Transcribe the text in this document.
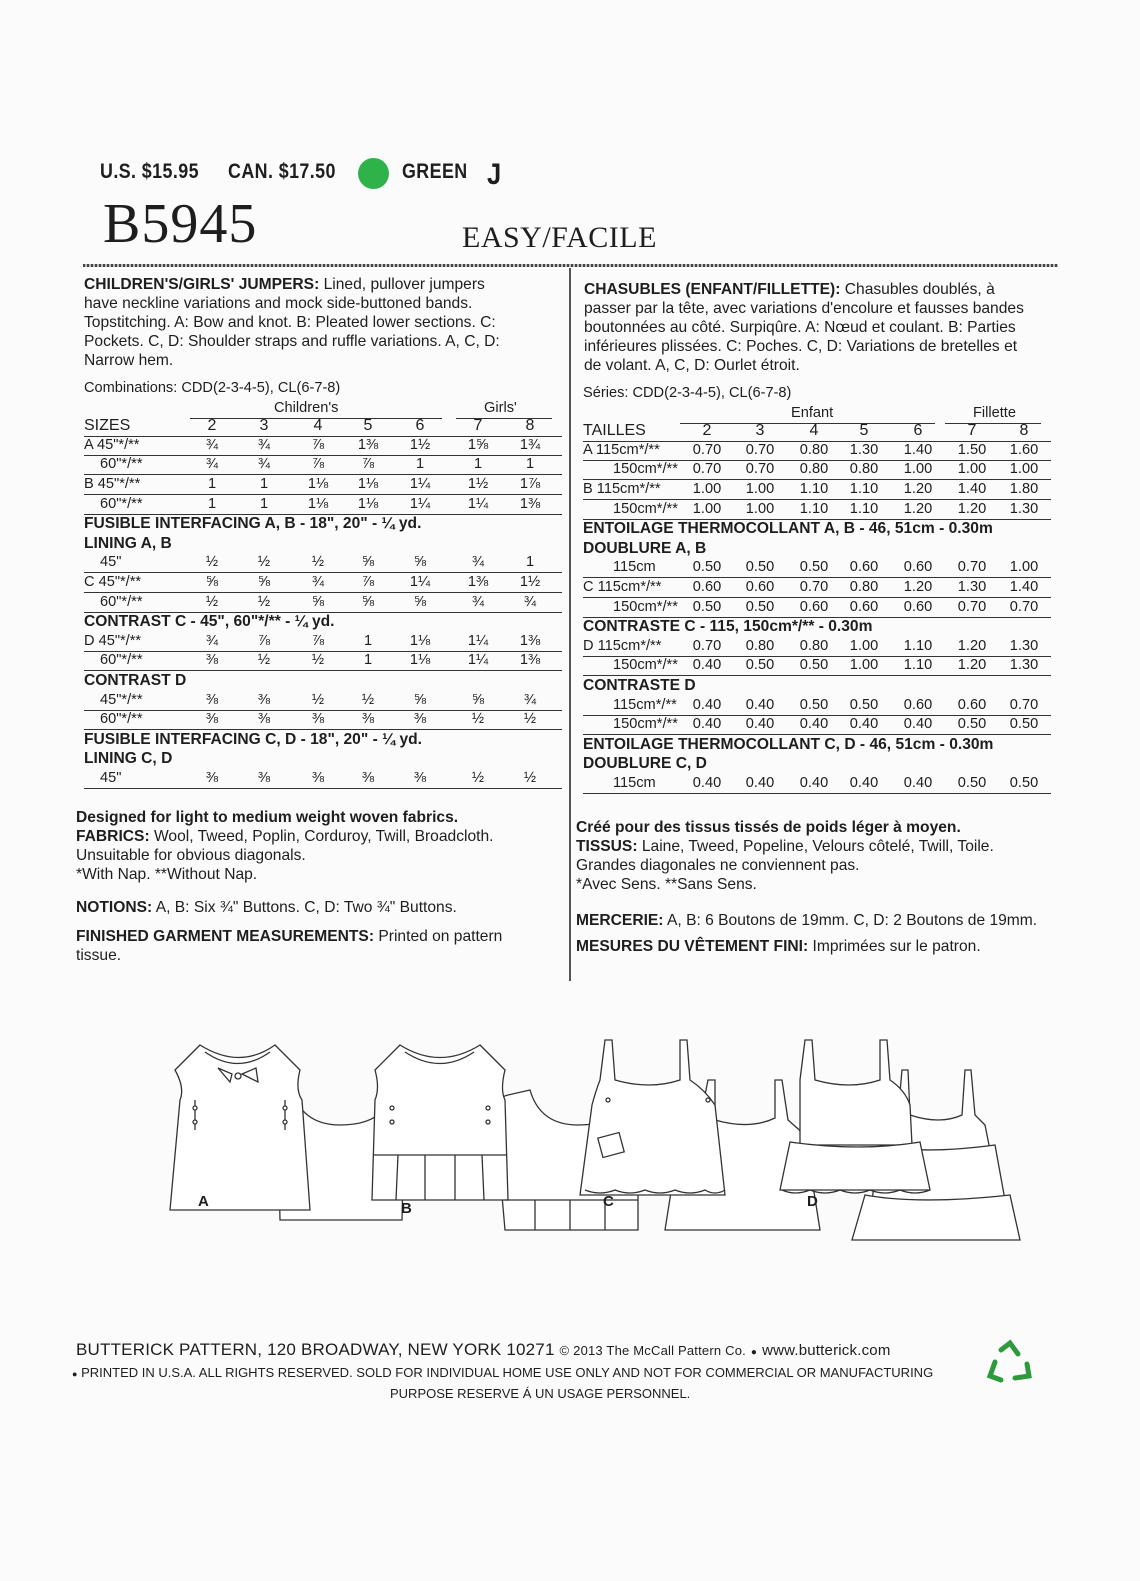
U.S. $15.95 CAN. $17.50	GREEN J
B5945	EASY/FACILE
CHILDREN'S/GIRLS' JUMPERS: Lined, pullover jumpers
have neckline variations and mock side-buttoned bands.
Topstitching. A: Bow and knot. B: Pleated lower sections. C:
Pockets. C, D: Shoulder straps and ruffle variations. A, C, D:
Narrow hem.
CHASUBLES (ENFANT/FILLETTE): Chasubles doublés, à
passer par la tête, avec variations d'encolure et fausses bandes
boutonnées au côté. Surpiqûre. A: Nœud et coulant. B: Parties
inférieures plissées. C: Poches. C, D: Variations de bretelles et
de volant. A, C, D: Ourlet étroit.
Combinations: CDD(2-3-4-5), CL(6-7-8)
Children's	Girls'
SIZES	2	3	4	5	6	7	8
A 45"*/**	¾	¾	⅞	1⅜	1½	1⅝	1¾
60"*/**	¾	¾	⅞	⅞	1	1	1
B 45"*/**	1	1	1⅛	1⅛	1¼	1½	1⅞
60"*/**	1	1	1⅛	1⅛	1¼	1¼	1⅜
FUSIBLE INTERFACING A, B - 18", 20" - ¼ yd.
LINING A, B
45"	½	½	½	⅝	⅝	¾	1
C 45"*/**	⅝	⅝	¾	⅞	1¼	1⅜	1½
60"*/**	½	½	⅝	⅝	⅝	¾	¾
CONTRAST C - 45", 60"*/** - ¼ yd.
D 45"*/**	¾	⅞	⅞	1	1⅛	1¼	1⅜
60"*/**	⅜	½	½	1	1⅛	1¼	1⅜
CONTRAST D
45"*/**	⅜	⅜	½	½	⅝	⅝	¾
60"*/**	⅜	⅜	⅜	⅜	⅜	½	½
FUSIBLE INTERFACING C, D - 18", 20" - ¼ yd.
LINING C, D
45"	⅜	⅜	⅜	⅜	⅜	½	½
Séries: CDD(2-3-4-5), CL(6-7-8)
Enfant	Fillette
TAILLES	2	3	4	5	6	7	8
A 115cm*/**	0.70	0.70	0.80	1.30	1.40	1.50	1.60
150cm*/**	0.70	0.70	0.80	0.80	1.00	1.00	1.00
B 115cm*/**	1.00	1.00	1.10	1.10	1.20	1.40	1.80
150cm*/**	1.00	1.00	1.10	1.10	1.20	1.20	1.30
ENTOILAGE THERMOCOLLANT A, B - 46, 51cm - 0.30m
DOUBLURE A, B
115cm	0.50	0.50	0.50	0.60	0.60	0.70	1.00
C 115cm*/**	0.60	0.60	0.70	0.80	1.20	1.30	1.40
150cm*/**	0.50	0.50	0.60	0.60	0.60	0.70	0.70
CONTRASTE C - 115, 150cm*/** - 0.30m
D 115cm*/**	0.70	0.80	0.80	1.00	1.10	1.20	1.30
150cm*/**	0.40	0.50	0.50	1.00	1.10	1.20	1.30
CONTRASTE D
115cm*/**	0.40	0.40	0.50	0.50	0.60	0.60	0.70
150cm*/**	0.40	0.40	0.40	0.40	0.40	0.50	0.50
ENTOILAGE THERMOCOLLANT C, D - 46, 51cm - 0.30m
DOUBLURE C, D
115cm	0.40	0.40	0.40	0.40	0.40	0.50	0.50
Designed for light to medium weight woven fabrics.
FABRICS: Wool, Tweed, Poplin, Corduroy, Twill, Broadcloth.
Unsuitable for obvious diagonals.
*With Nap. **Without Nap.
NOTIONS: A, B: Six ¾" Buttons. C, D: Two ¾" Buttons.
FINISHED GARMENT MEASUREMENTS: Printed on pattern
tissue.
Créé pour des tissus tissés de poids léger à moyen.
TISSUS: Laine, Tweed, Popeline, Velours côtelé, Twill, Toile.
Grandes diagonales ne conviennent pas.
*Avec Sens. **Sans Sens.
MERCERIE: A, B: 6 Boutons de 19mm. C, D: 2 Boutons de 19mm.
MESURES DU VÊTEMENT FINI: Imprimées sur le patron.
A	B	C	D
BUTTERICK PATTERN, 120 BROADWAY, NEW YORK 10271 © 2013 The McCall Pattern Co. ● www.butterick.com
● PRINTED IN U.S.A. ALL RIGHTS RESERVED. SOLD FOR INDIVIDUAL HOME USE ONLY AND NOT FOR COMMERCIAL OR MANUFACTURING
PURPOSE RESERVE Á UN USAGE PERSONNEL.
